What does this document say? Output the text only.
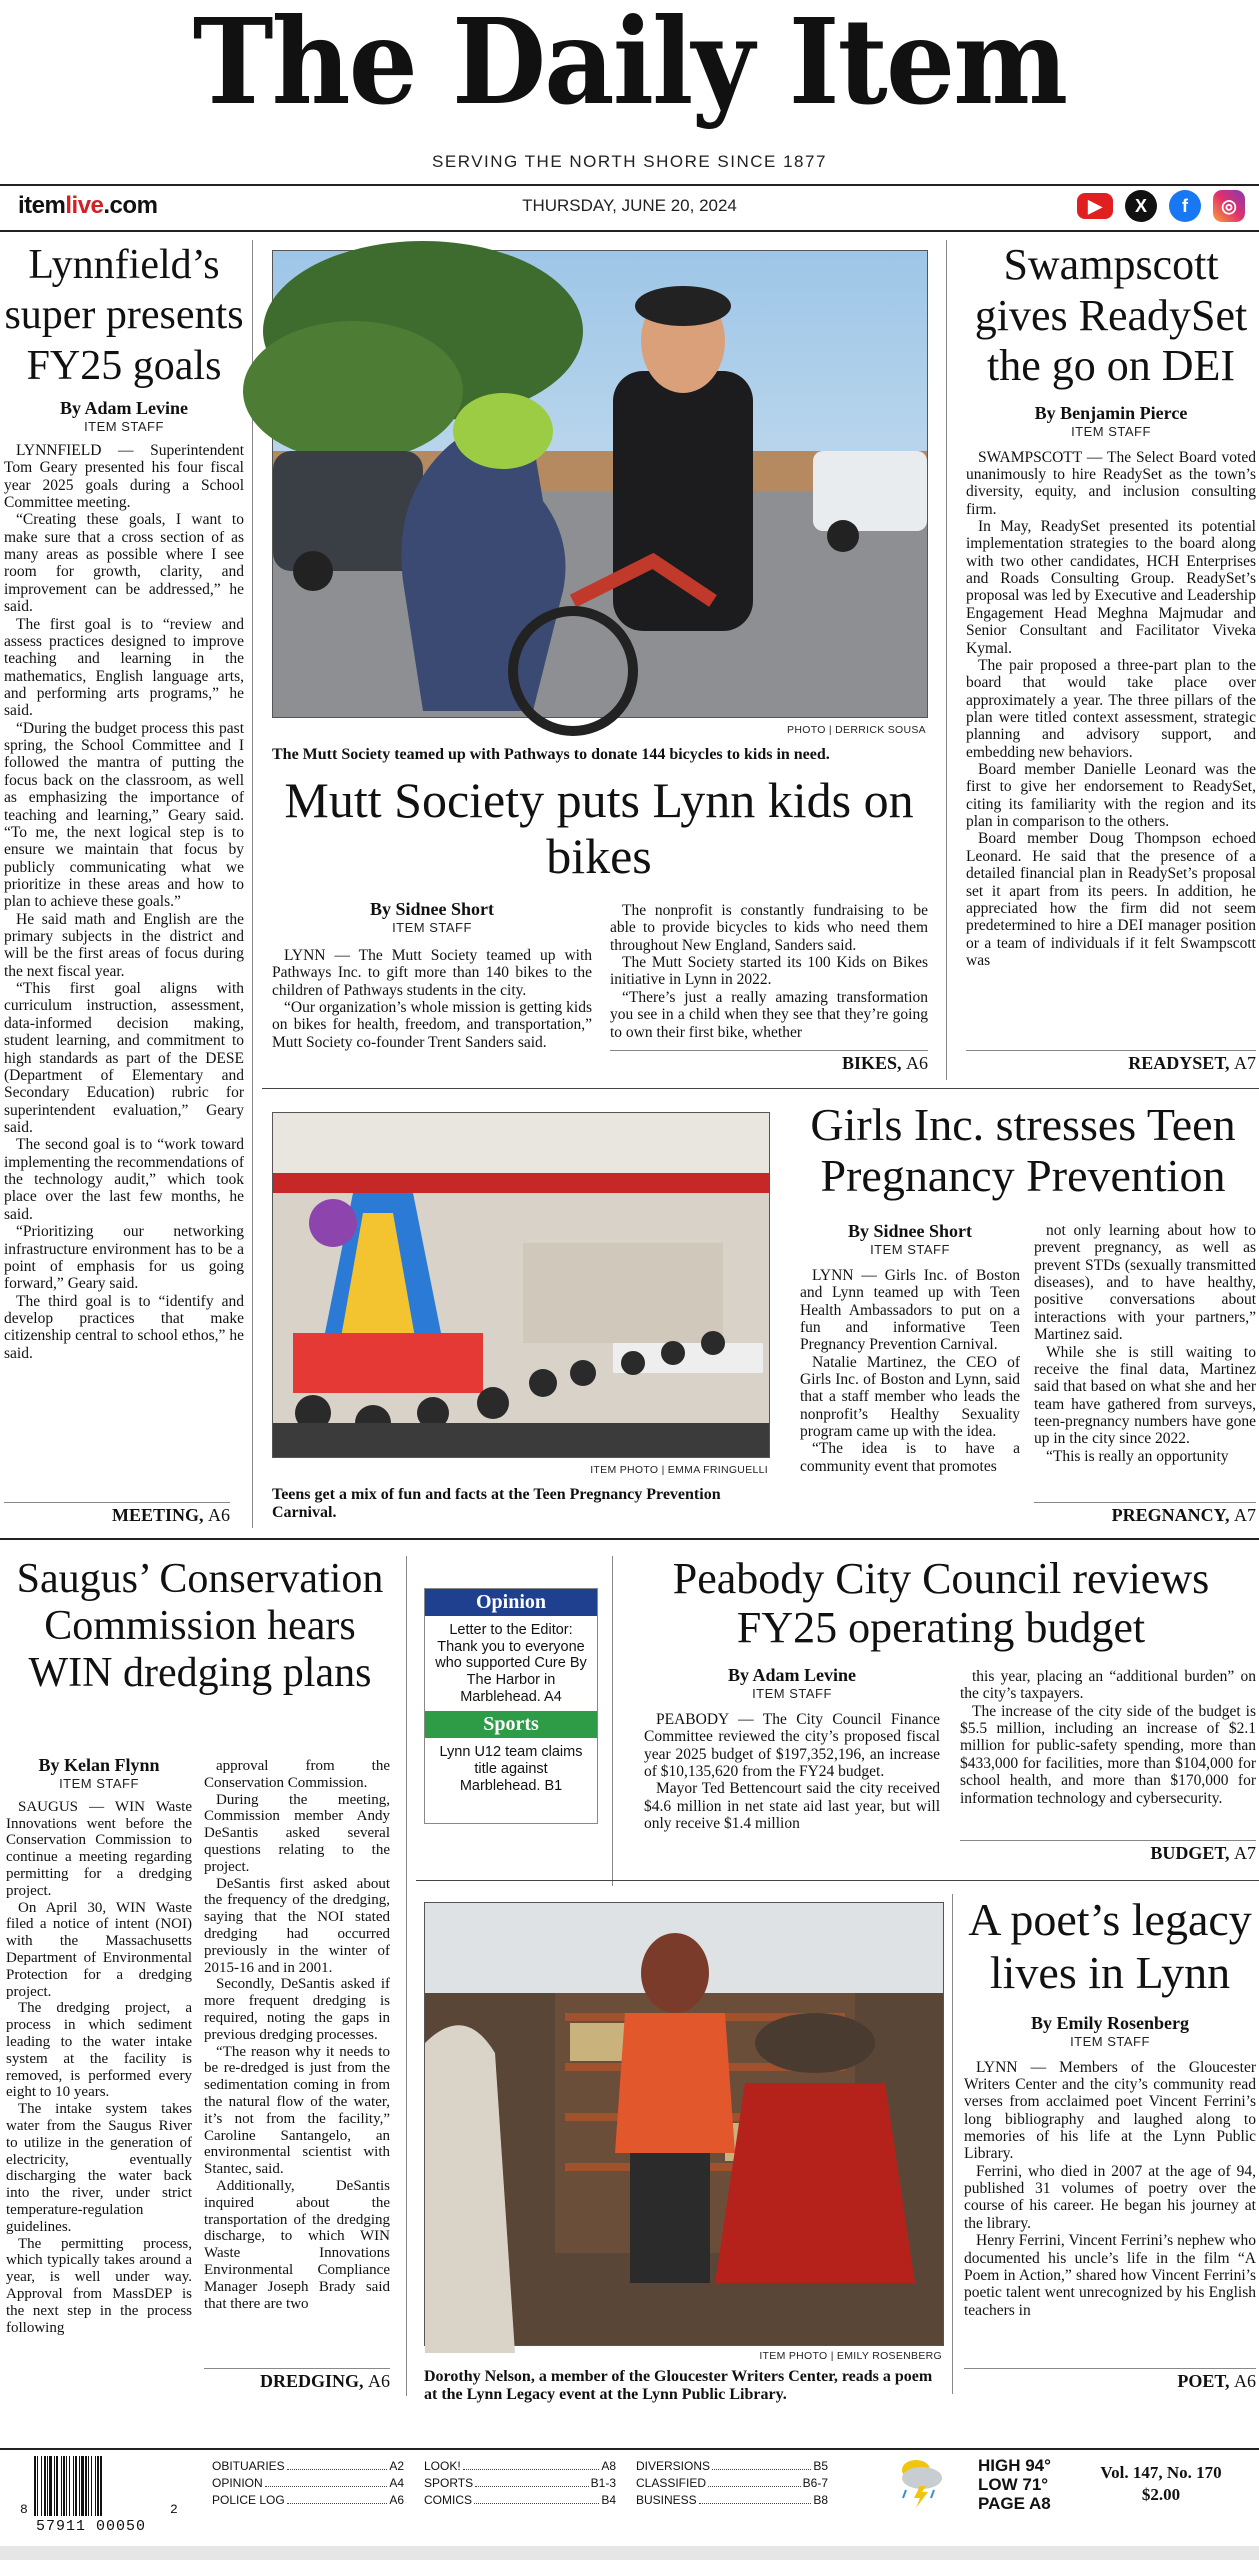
The Daily Item
SERVING THE NORTH SHORE SINCE 1877
itemlive.com	THURSDAY, JUNE 20, 2024	▶	X	f	◎
Lynnfield’s super presents FY25 goals
By Adam Levine
ITEM STAFF

LYNNFIELD — Superintendent Tom Geary presented his four fiscal year 2025 goals during a School Committee meeting.

“Creating these goals, I want to make sure that a cross section of as many areas as possible where I see room for growth, clarity, and improvement can be addressed,” he said.

The first goal is to “review and assess practices designed to improve teaching and learning in the mathematics, English language arts, and performing arts programs,” he said.

“During the budget process this past spring, the School Committee and I followed the mantra of putting the focus back on the classroom, as well as emphasizing the importance of teaching and learning,” Geary said. “To me, the next logical step is to ensure we maintain that focus by publicly communicating what we prioritize in these areas and how to plan to achieve these goals.”

He said math and English are the primary subjects in the district and will be the first areas of focus during the next fiscal year.

“This first goal aligns with curriculum instruction, assessment, data-informed decision making, student learning, and commitment to high standards as part of the DESE (Department of Elementary and Secondary Education) rubric for superintendent evaluation,” Geary said.

The second goal is to “work toward implementing the recommendations of the technology audit,” which took place over the last few months, he said.

“Prioritizing our networking infrastructure environment has to be a point of emphasis for us going forward,” Geary said.

The third goal is to “identify and develop practices that make citizenship central to school ethos,” he said.

MEETING, A6
PHOTO | DERRICK SOUSA
The Mutt Society teamed up with Pathways to donate 144 bicycles to kids in need.
Mutt Society puts Lynn kids on bikes
By Sidnee Short
ITEM STAFF

LYNN — The Mutt Society teamed up with Pathways Inc. to gift more than 140 bikes to the children of Pathways students in the city.

“Our organization’s whole mission is getting kids on bikes for health, freedom, and transportation,” Mutt Society co-founder Trent Sanders said.

The nonprofit is constantly fundraising to be able to provide bicycles to kids who need them throughout New England, Sanders said.

The Mutt Society started its 100 Kids on Bikes initiative in Lynn in 2022.

“There’s just a really amazing transformation you see in a child when they see that they’re going to own their first bike, whether

BIKES, A6
Swampscott gives ReadySet the go on DEI
By Benjamin Pierce
ITEM STAFF

SWAMPSCOTT — The Select Board voted unanimously to hire ReadySet as the town’s diversity, equity, and inclusion consulting firm.

In May, ReadySet presented its potential implementation strategies to the board along with two other candidates, HCH Enterprises and Roads Consulting Group. ReadySet’s proposal was led by Executive and Leadership Engagement Head Meghna Majmudar and Senior Consultant and Facilitator Viveka Kymal.

The pair proposed a three-part plan to the board that would take place over approximately a year. The three pillars of the plan were titled context assessment, strategic planning and advisory support, and embedding new behaviors.

Board member Danielle Leonard was the first to give her endorsement to ReadySet, citing its familiarity with the region and its plan in comparison to the others.

Board member Doug Thompson echoed Leonard. He said that the presence of a detailed financial plan in ReadySet’s proposal set it apart from its peers. In addition, he appreciated how the firm did not seem predetermined to hire a DEI manager position or a team of individuals if it felt Swampscott was

READYSET, A7
ITEM PHOTO | EMMA FRINGUELLI
Teens get a mix of fun and facts at the Teen Pregnancy Prevention Carnival.
Girls Inc. stresses Teen Pregnancy Prevention
By Sidnee Short
ITEM STAFF

LYNN — Girls Inc. of Boston and Lynn teamed up with Teen Health Ambassadors to put on a fun and informative Teen Pregnancy Prevention Carnival.

Natalie Martinez, the CEO of Girls Inc. of Boston and Lynn, said that a staff member who leads the nonprofit’s Healthy Sexuality program came up with the idea.

“The idea is to have a community event that promotes

not only learning about how to prevent pregnancy, as well as prevent STDs (sexually transmitted diseases), and to have healthy, positive conversations about interactions with your partners,” Martinez said.

While she is still waiting to receive the final data, Martinez said that based on what she and her team have gathered from surveys, teen-pregnancy numbers have gone up in the city since 2022.

“This is really an opportunity

PREGNANCY, A7
Saugus’ Conservation Commission hears WIN dredging plans
By Kelan Flynn
ITEM STAFF

SAUGUS — WIN Waste Innovations went before the Conservation Commission to continue a meeting regarding permitting for a dredging project.

On April 30, WIN Waste filed a notice of intent (NOI) with the Massachusetts Department of Environmental Protection for a dredging project.

The dredging project, a process in which sediment leading to the water intake system at the facility is removed, is performed every eight to 10 years.

The intake system takes water from the Saugus River to utilize in the generation of electricity, eventually discharging the water back into the river, under strict temperature-regulation guidelines.

The permitting process, which typically takes around a year, is well under way. Approval from MassDEP is the next step in the process following

approval from the Conservation Commission.

During the meeting, Commission member Andy DeSantis asked several questions relating to the project.

DeSantis first asked about the frequency of the dredging, saying that the NOI stated dredging had occurred previously in the winter of 2015-16 and in 2001.

Secondly, DeSantis asked if more frequent dredging is required, noting the gaps in previous dredging processes.

“The reason why it needs to be re-dredged is just from the sedimentation coming in from the natural flow of the water, it’s not from the facility,” Caroline Santangelo, an environmental scientist with Stantec, said.

Additionally, DeSantis inquired about the transportation of the dredging discharge, to which WIN Waste Innovations Environmental Compliance Manager Joseph Brady said that there are two

DREDGING, A6
Opinion
Letter to the Editor: Thank you to everyone who supported Cure By The Harbor in Marblehead. A4
Sports
Lynn U12 team claims title against Marblehead. B1
Peabody City Council reviews FY25 operating budget
By Adam Levine
ITEM STAFF

PEABODY — The City Council Finance Committee reviewed the city’s proposed fiscal year 2025 budget of $197,352,196, an increase of $10,135,620 from the FY24 budget.

Mayor Ted Bettencourt said the city received $4.6 million in net state aid last year, but will only receive $1.4 million

this year, placing an “additional burden” on the city’s taxpayers.

The increase of the city side of the budget is $5.5 million, including an increase of $2.1 million for public-safety spending, more than $433,000 for facilities, more than $104,000 for school health, and more than $170,000 for information technology and cybersecurity.

BUDGET, A7
ITEM PHOTO | EMILY ROSENBERG
Dorothy Nelson, a member of the Gloucester Writers Center, reads a poem at the Lynn Legacy event at the Lynn Public Library.
A poet’s legacy lives in Lynn
By Emily Rosenberg
ITEM STAFF

LYNN — Members of the Gloucester Writers Center and the city’s community read verses from acclaimed poet Vincent Ferrini’s long bibliography and laughed along to memories of his life at the Lynn Public Library.

Ferrini, who died in 2007 at the age of 94, published 31 volumes of poetry over the course of his career. He began his journey at the library.

Henry Ferrini, Vincent Ferrini’s nephew who documented his uncle’s life in the film “A Poem in Action,” shared how Vincent Ferrini’s poetic talent went unrecognized by his English teachers in

POET, A6
8
57911 00050
2
OBITUARIES	A2
OPINION	A4
POLICE LOG	A6
LOOK!	A8
SPORTS	B1-3
COMICS	B4
DIVERSIONS	B5
CLASSIFIED	B6-7
BUSINESS	B8
HIGH 94°
LOW 71°
PAGE A8
Vol. 147, No. 170
$2.00
